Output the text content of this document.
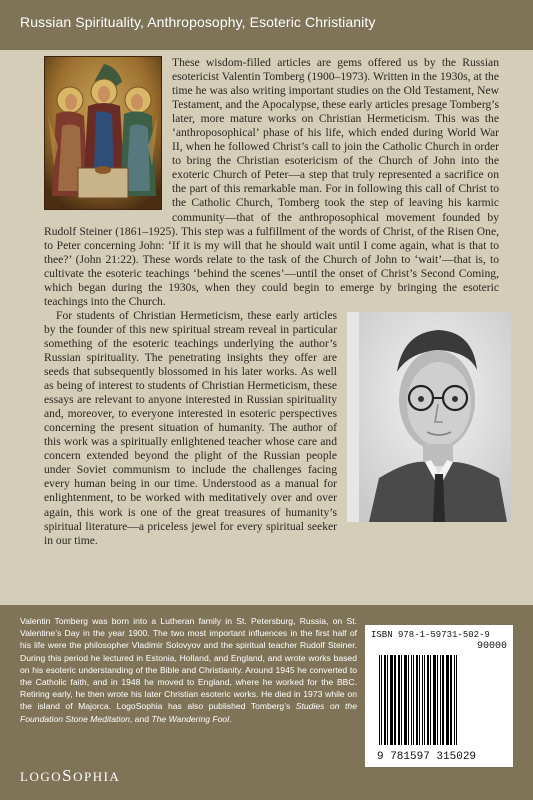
Russian Spirituality, Anthroposophy, Esoteric Christianity

These wisdom-filled articles are gems offered us by the Russian esotericist Valentin Tomberg (1900–1973). Written in the 1930s, at the time he was also writing important studies on the Old Testament, New Testament, and the Apocalypse, these early articles presage Tomberg’s later, more mature works on Christian Hermeticism. This was the ‘anthroposophical’ phase of his life, which ended during World War II, when he followed Christ’s call to join the Catholic Church in order to bring the Christian esotericism of the Church of John into the exoteric Church of Peter—a step that truly represented a sacrifice on the part of this remarkable man. For in following this call of Christ to the Catholic Church, Tomberg took the step of leaving his karmic community—that of the anthroposophical movement founded by Rudolf Steiner (1861–1925). This step was a fulfillment of the words of Christ, of the Risen One, to Peter concerning John: ‘If it is my will that he should wait until I come again, what is that to thee?’ (John 21:22). These words relate to the task of the Church of John to ‘wait’—that is, to cultivate the esoteric teachings ‘behind the scenes’—until the onset of Christ’s Second Coming, which began during the 1930s, when they could begin to emerge by bringing the esoteric teachings into the Church.

For students of Christian Hermeticism, these early articles by the founder of this new spiritual stream reveal in particular something of the esoteric teachings underlying the author’s Russian spirituality. The penetrating insights they offer are seeds that subsequently blossomed in his later works. As well as being of interest to students of Christian Hermeticism, these essays are relevant to anyone interested in Russian spirituality and, moreover, to everyone interested in esoteric perspectives concerning the present situation of humanity. The author of this work was a spiritually enlightened teacher whose care and concern extended beyond the plight of the Russian people under Soviet communism to include the challenges facing every human being in our time. Understood as a manual for enlightenment, to be worked with meditatively over and over again, this work is one of the great treasures of humanity’s spiritual literature—a priceless jewel for every spiritual seeker in our time.

ISBN 978-1-59731-502-9
90000
9 781597 315029
Valentin Tomberg was born into a Lutheran family in St. Petersburg, Russia, on St. Valentine’s Day in the year 1900. The two most important influences in the first half of his life were the philosopher Vladimir Solovyov and the spiritual teacher Rudolf Steiner. During this period he lectured in Estonia, Holland, and England, and wrote works based on his esoteric understanding of the Bible and Christianity. Around 1945 he converted to the Catholic faith, and in 1948 he moved to England, where he worked for the BBC. Retiring early, he then wrote his later Christian esoteric works. He died in 1973 while on the island of Majorca. LogoSophia has also published Tomberg’s Studies on the Foundation Stone Meditation, and The Wandering Fool.
LOGOSOPHIA
